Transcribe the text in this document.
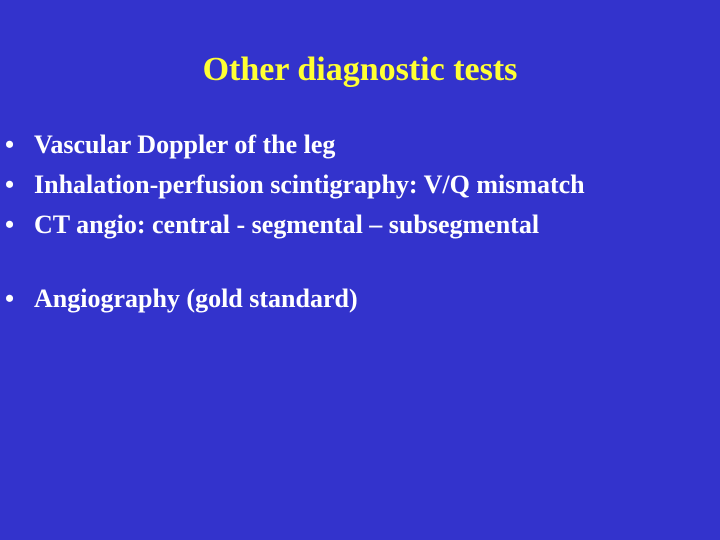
Other diagnostic tests
• Vascular Doppler of the leg
• Inhalation-perfusion scintigraphy: V/Q mismatch
• CT angio: central - segmental – subsegmental
• Angiography (gold standard)
